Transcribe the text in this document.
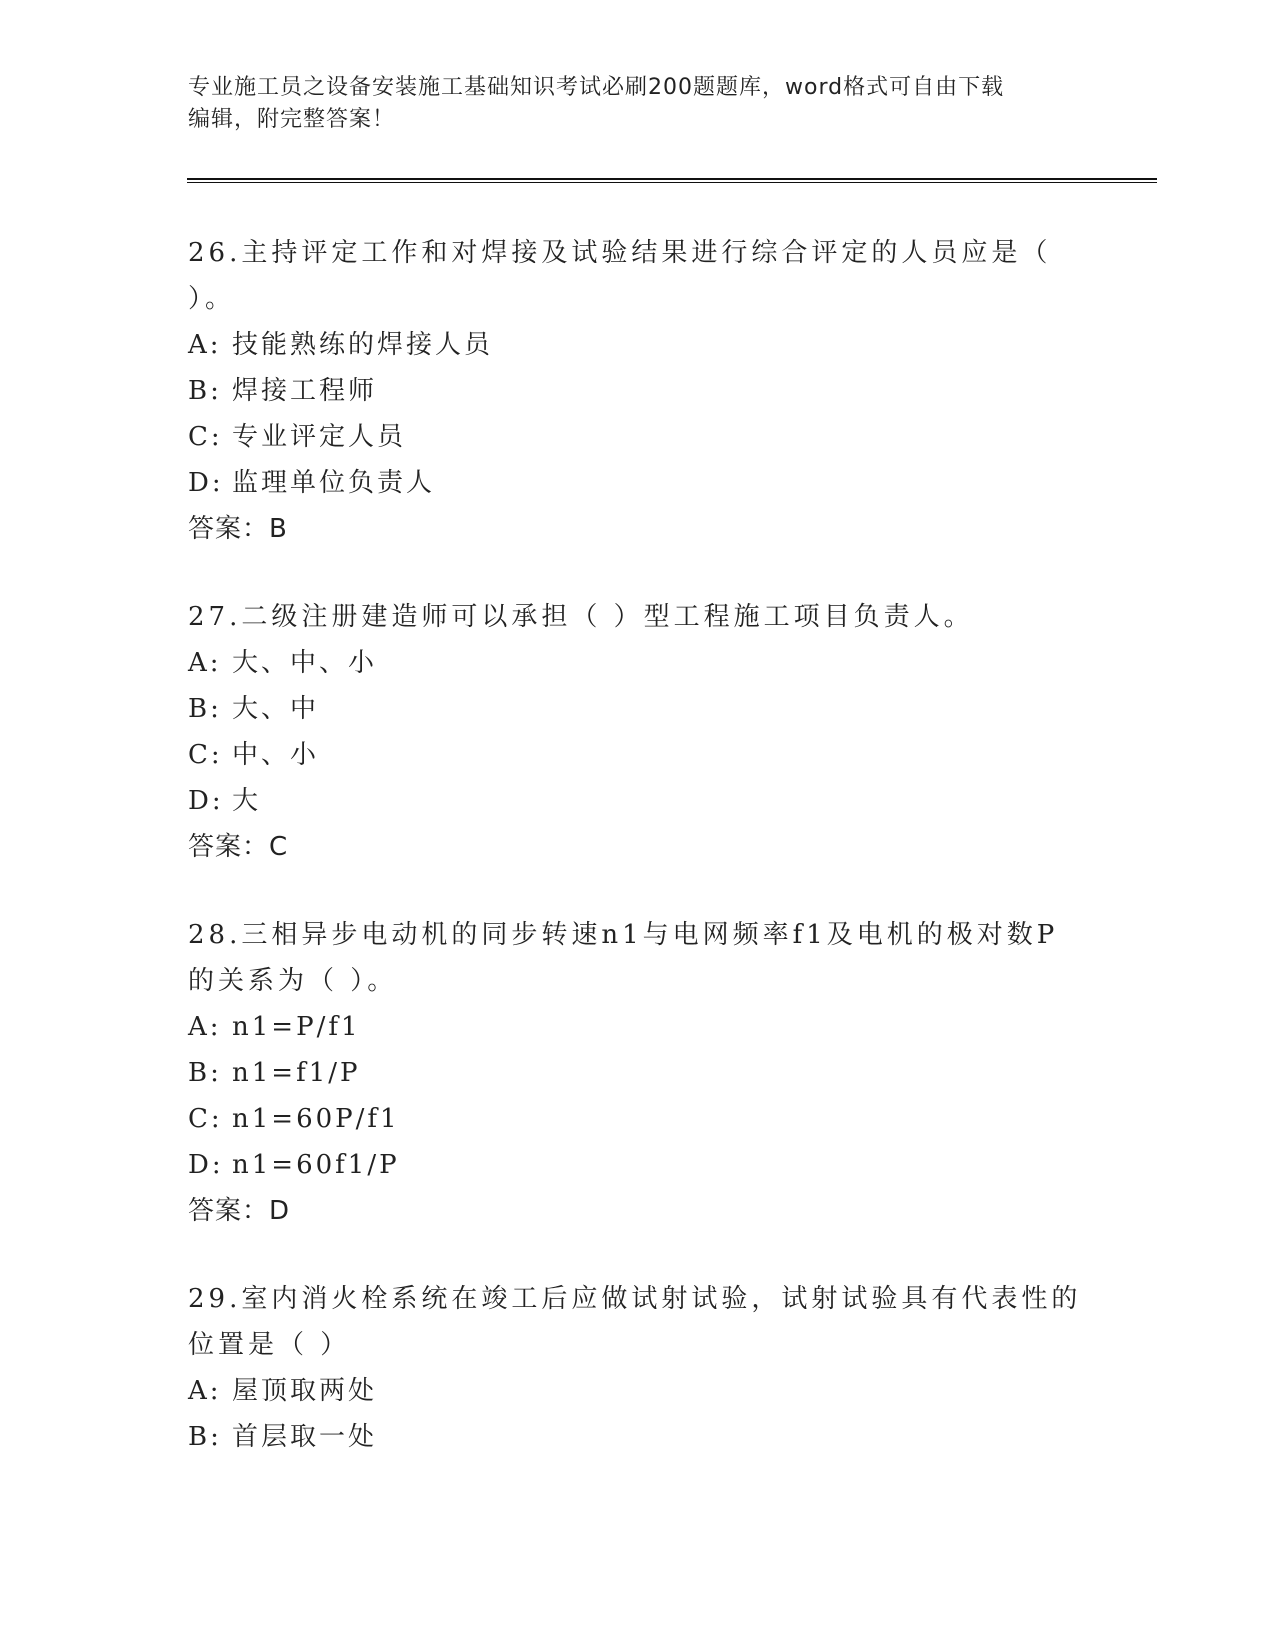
专业施工员之设备安装施工基础知识考试必刷200题题库，word格式可自由下载
编辑，附完整答案！

26.主持评定工作和对焊接及试验结果进行综合评定的人员应是（ ）。

A: 技能熟练的焊接人员

B: 焊接工程师

C: 专业评定人员

D: 监理单位负责人

答案：B

27.二级注册建造师可以承担（ ）型工程施工项目负责人。

A: 大、中、小

B: 大、中

C: 中、小

D: 大

答案：C

28.三相异步电动机的同步转速n1与电网频率f1及电机的极对数P的关系为（ ）。

A: n1=P/f1

B: n1=f1/P

C: n1=60P/f1

D: n1=60f1/P

答案：D

29.室内消火栓系统在竣工后应做试射试验，试射试验具有代表性的位置是（ ）

A: 屋顶取两处

B: 首层取一处
